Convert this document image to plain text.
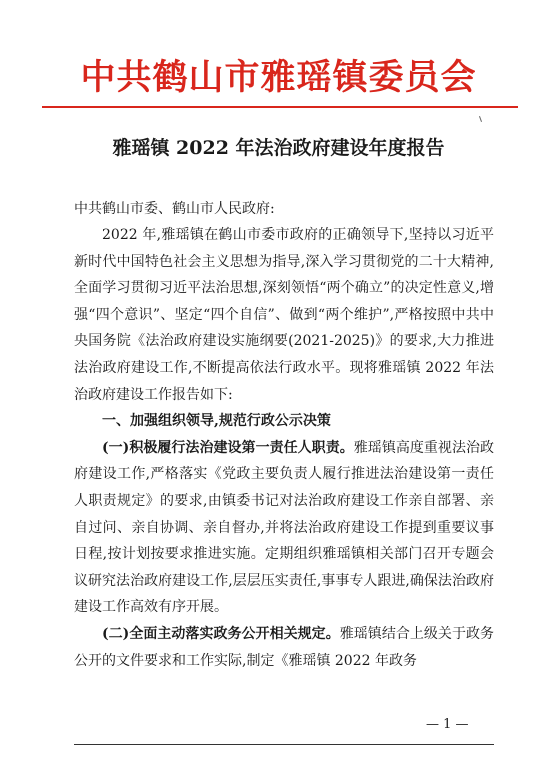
中共鹤山市雅瑶镇委员会
雅瑶镇 2022 年法治政府建设年度报告
中共鹤山市委、鹤山市人民政府:

2022 年,雅瑶镇在鹤山市委市政府的正确领导下,坚持以习近平新时代中国特色社会主义思想为指导,深入学习贯彻党的二十大精神,全面学习贯彻习近平法治思想,深刻领悟“两个确立”的决定性意义,增强“四个意识”、坚定“四个自信”、做到“两个维护”,严格按照中共中央国务院《法治政府建设实施纲要(2021-2025)》的要求,大力推进法治政府建设工作,不断提高依法行政水平。现将雅瑶镇 2022 年法治政府建设工作报告如下:

一、加强组织领导,规范行政公示决策

(一)积极履行法治建设第一责任人职责。雅瑶镇高度重视法治政府建设工作,严格落实《党政主要负责人履行推进法治建设第一责任人职责规定》的要求,由镇委书记对法治政府建设工作亲自部署、亲自过问、亲自协调、亲自督办,并将法治政府建设工作提到重要议事日程,按计划按要求推进实施。定期组织雅瑶镇相关部门召开专题会议研究法治政府建设工作,层层压实责任,事事专人跟进,确保法治政府建设工作高效有序开展。

(二)全面主动落实政务公开相关规定。雅瑶镇结合上级关于政务公开的文件要求和工作实际,制定《雅瑶镇 2022 年政务

— 1 —
